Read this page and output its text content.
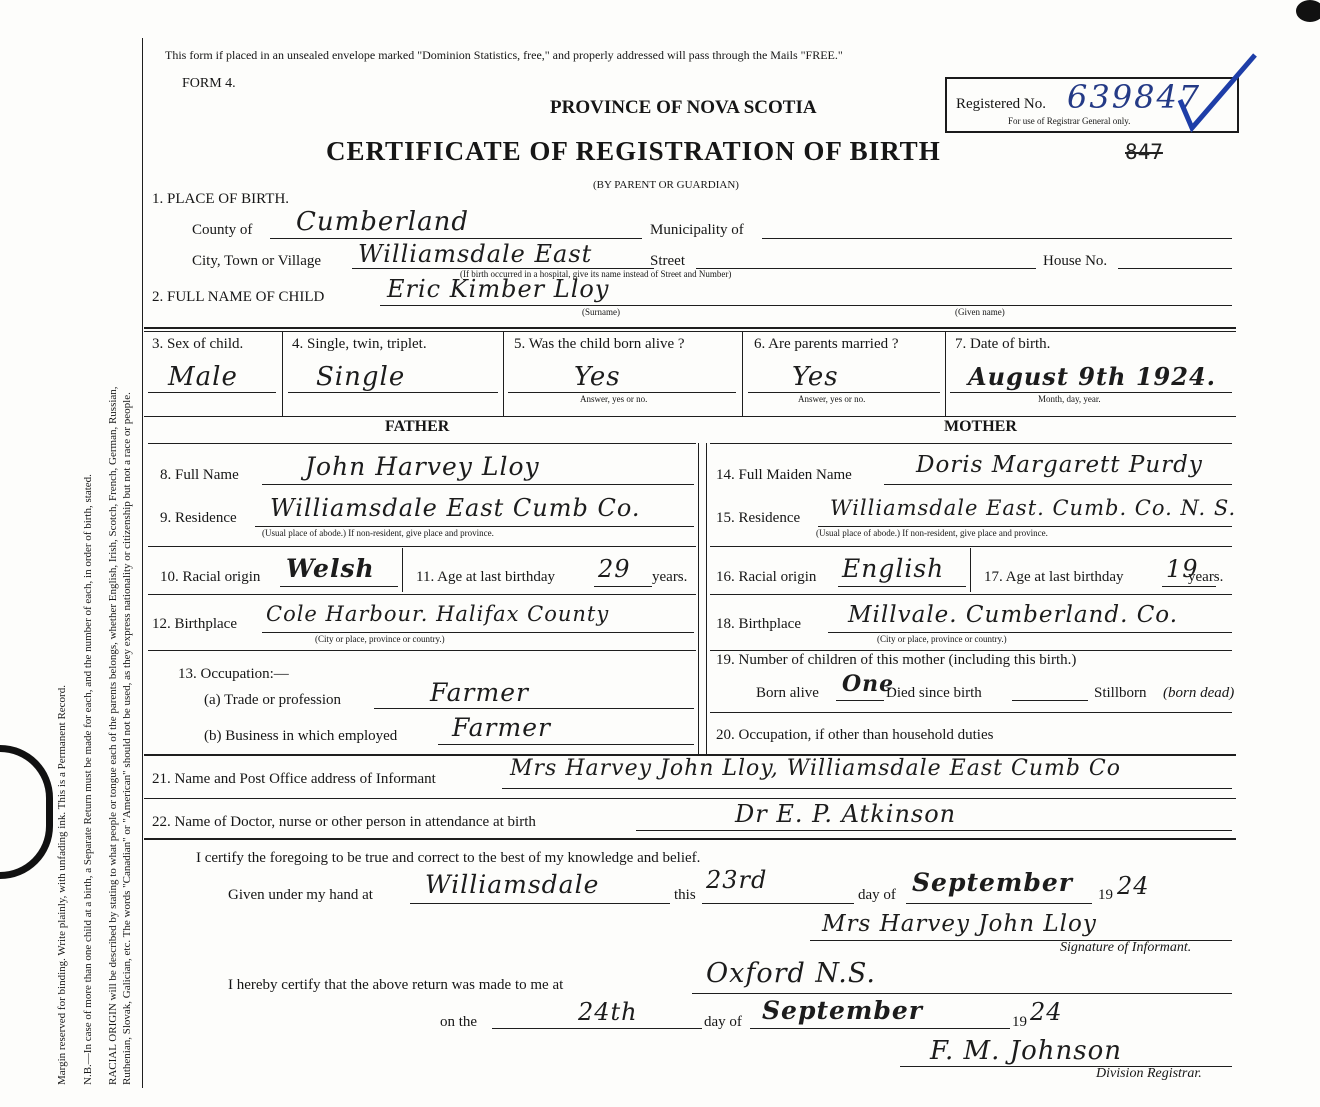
Margin reserved for binding. Write plainly, with unfading ink. This is a Permanent Record. N.B.—In case of more than one child at a birth, a Separate Return must be made for each, and the number of each, in order of birth, stated. RACIAL ORIGIN will be described by stating to what people or tongue each of the parents belongs, whether English, Irish, Scotch, French, German, Russian, Ruthenian, Slovak, Galician, etc. The words "Canadian" or "American" should not be used, as they express nationality or citizenship but not a race or people.
This form if placed in an unsealed envelope marked "Dominion Statistics, free," and properly addressed will pass through the Mails "FREE."
FORM 4.
PROVINCE OF NOVA SCOTIA
CERTIFICATE OF REGISTRATION OF BIRTH
(BY PARENT OR GUARDIAN)
Registered No. 639847
For use of Registrar General only.
847
1. PLACE OF BIRTH.
County of Cumberland	Municipality of
City, Town or Village Williamsdale East	Street	House No.
(If birth occurred in a hospital, give its name instead of Street and Number)
2. FULL NAME OF CHILD	Eric Kimber Lloy
(Surname)	(Given name)
3. Sex of child.
Male
4. Single, twin, triplet.
Single
5. Was the child born alive ?
Yes
Answer, yes or no.
6. Are parents married ?
Yes
Answer, yes or no.
7. Date of birth.
August 9th 1924.
Month, day, year.
FATHER	MOTHER
8. Full Name	John Harvey Lloy
9. Residence Williamsdale East Cumb Co.
(Usual place of abode.) If non-resident, give place and province.
10. Racial origin Welsh	11. Age at last birthday 29 years.
12. Birthplace Cole Harbour. Halifax County
(City or place, province or country.)
13. Occupation:—
(a) Trade or profession	Farmer
(b) Business in which employed Farmer
14. Full Maiden Name	Doris Margarett Purdy
15. Residence Williamsdale East. Cumb. Co. N. S.
(Usual place of abode.) If non-resident, give place and province.
16. Racial origin English	17. Age at last birthday 19
years.
18. Birthplace Millvale. Cumberland. Co.
(City or place, province or country.)
19. Number of children of this mother (including this birth.)
Born alive One
Died since birth	Stillborn (born dead)
20. Occupation, if other than household duties
21. Name and Post Office address of Informant	Mrs Harvey John Lloy, Williamsdale East Cumb Co
22. Name of Doctor, nurse or other person in attendance at birth	Dr E. P. Atkinson
I certify the foregoing to be true and correct to the best of my knowledge and belief.
Given under my hand at Williamsdale	this
23rd
day of September 19 24
Mrs Harvey John Lloy
Signature of Informant.
I hereby certify that the above return was made to me at	Oxford N.S.
on the	24th	day of September	19 24
F. M. Johnson
Division Registrar.
